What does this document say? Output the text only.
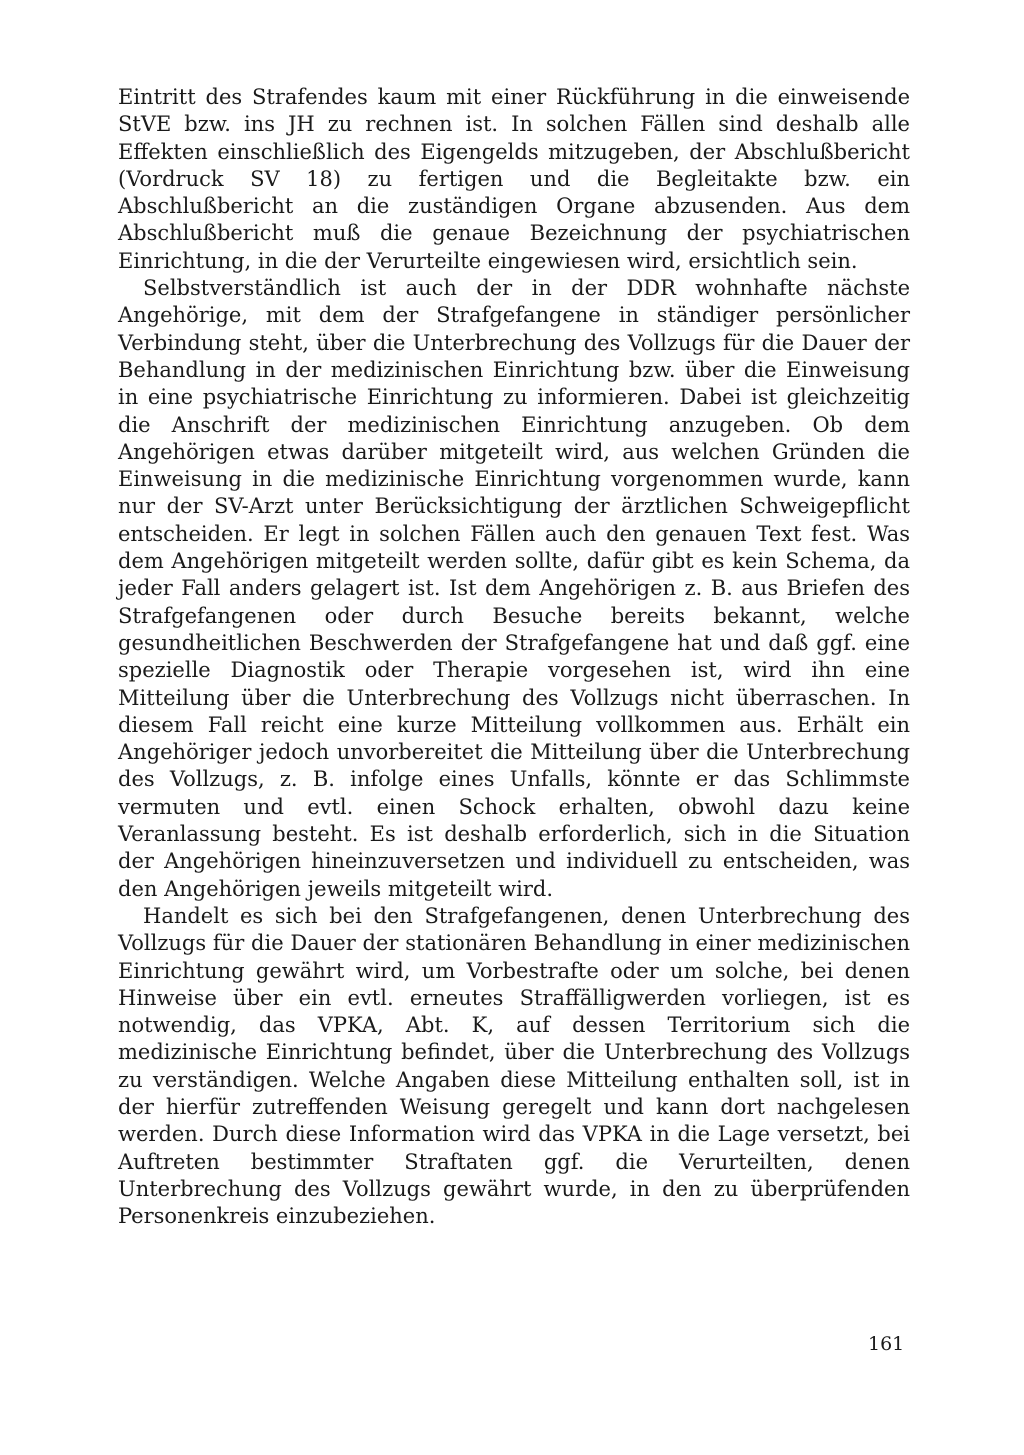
Eintritt des Strafendes kaum mit einer Rückführung in die einweisende StVE bzw. ins JH zu rechnen ist. In solchen Fällen sind deshalb alle Effekten einschließlich des Eigengelds mitzugeben, der Abschlußbericht (Vordruck SV 18) zu fertigen und die Begleitakte bzw. ein Abschlußbericht an die zuständigen Organe abzusenden. Aus dem Abschlußbericht muß die genaue Bezeichnung der psychiatrischen Einrichtung, in die der Verurteilte eingewiesen wird, ersichtlich sein.

Selbstverständlich ist auch der in der DDR wohnhafte nächste Angehörige, mit dem der Strafgefangene in ständiger persönlicher Verbindung steht, über die Unterbrechung des Vollzugs für die Dauer der Behandlung in der medizinischen Einrichtung bzw. über die Einweisung in eine psychiatrische Einrichtung zu informieren. Dabei ist gleichzeitig die Anschrift der medizinischen Einrichtung anzugeben. Ob dem Angehörigen etwas darüber mitgeteilt wird, aus welchen Gründen die Einweisung in die medizinische Einrichtung vorgenommen wurde, kann nur der SV-Arzt unter Berücksichtigung der ärztlichen Schweigepflicht entscheiden. Er legt in solchen Fällen auch den genauen Text fest. Was dem Angehörigen mitgeteilt werden sollte, dafür gibt es kein Schema, da jeder Fall anders gelagert ist. Ist dem Angehörigen z. B. aus Briefen des Strafgefangenen oder durch Besuche bereits bekannt, welche gesundheitlichen Beschwerden der Strafgefangene hat und daß ggf. eine spezielle Diagnostik oder Therapie vorgesehen ist, wird ihn eine Mitteilung über die Unterbrechung des Vollzugs nicht überraschen. In diesem Fall reicht eine kurze Mitteilung vollkommen aus. Erhält ein Angehöriger jedoch unvorbereitet die Mitteilung über die Unterbrechung des Vollzugs, z. B. infolge eines Unfalls, könnte er das Schlimmste vermuten und evtl. einen Schock erhalten, obwohl dazu keine Veranlassung besteht. Es ist deshalb erforderlich, sich in die Situation der Angehörigen hineinzuversetzen und individuell zu entscheiden, was den Angehörigen jeweils mitgeteilt wird.

Handelt es sich bei den Strafgefangenen, denen Unterbrechung des Vollzugs für die Dauer der stationären Behandlung in einer medizinischen Einrichtung gewährt wird, um Vorbestrafte oder um solche, bei denen Hinweise über ein evtl. erneutes Straffälligwerden vorliegen, ist es notwendig, das VPKA, Abt. K, auf dessen Territorium sich die medizinische Einrichtung befindet, über die Unterbrechung des Vollzugs zu verständigen. Welche Angaben diese Mitteilung enthalten soll, ist in der hierfür zutreffenden Weisung geregelt und kann dort nachgelesen werden. Durch diese Information wird das VPKA in die Lage versetzt, bei Auftreten bestimmter Straftaten ggf. die Verurteilten, denen Unterbrechung des Vollzugs gewährt wurde, in den zu überprüfenden Personenkreis einzubeziehen.

161
